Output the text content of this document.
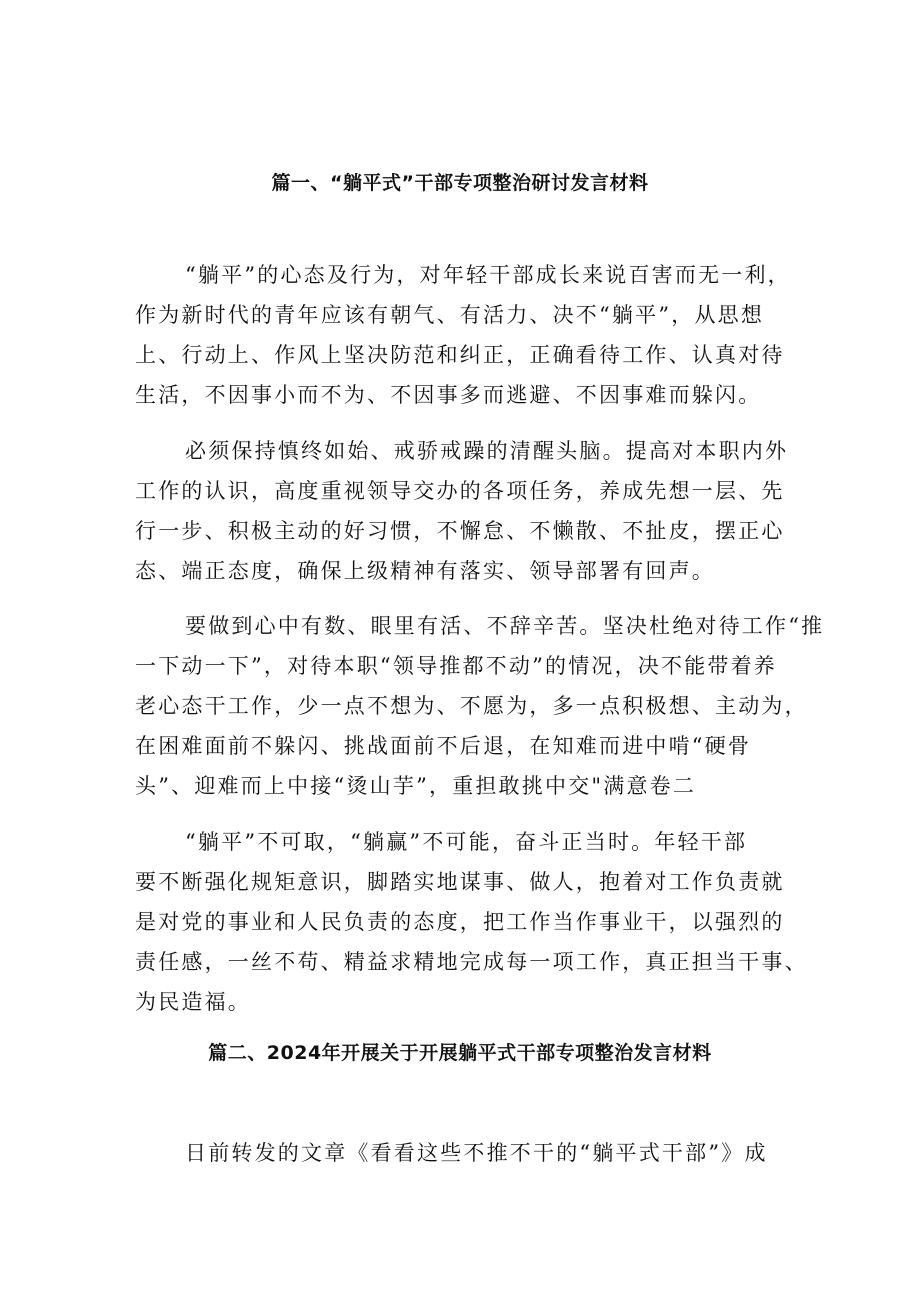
篇一、“躺平式”干部专项整治研讨发言材料
“躺平”的心态及行为，对年轻干部成长来说百害而无一利，
作为新时代的青年应该有朝气、有活力、决不“躺平”，从思想
上、行动上、作风上坚决防范和纠正，正确看待工作、认真对待
生活，不因事小而不为、不因事多而逃避、不因事难而躲闪。
必须保持慎终如始、戒骄戒躁的清醒头脑。提高对本职内外
工作的认识，高度重视领导交办的各项任务，养成先想一层、先
行一步、积极主动的好习惯，不懈怠、不懒散、不扯皮，摆正心
态、端正态度，确保上级精神有落实、领导部署有回声。
要做到心中有数、眼里有活、不辞辛苦。坚决杜绝对待工作“推
一下动一下”，对待本职“领导推都不动”的情况，决不能带着养
老心态干工作，少一点不想为、不愿为，多一点积极想、主动为，
在困难面前不躲闪、挑战面前不后退，在知难而进中啃“硬骨
头”、迎难而上中接“烫山芋”，重担敢挑中交"满意卷二
“躺平”不可取，“躺赢”不可能，奋斗正当时。年轻干部
要不断强化规矩意识，脚踏实地谋事、做人，抱着对工作负责就
是对党的事业和人民负责的态度，把工作当作事业干，以强烈的
责任感，一丝不苟、精益求精地完成每一项工作，真正担当干事、
为民造福。
篇二、2024年开展关于开展躺平式干部专项整治发言材料
日前转发的文章《看看这些不推不干的“躺平式干部”》成
